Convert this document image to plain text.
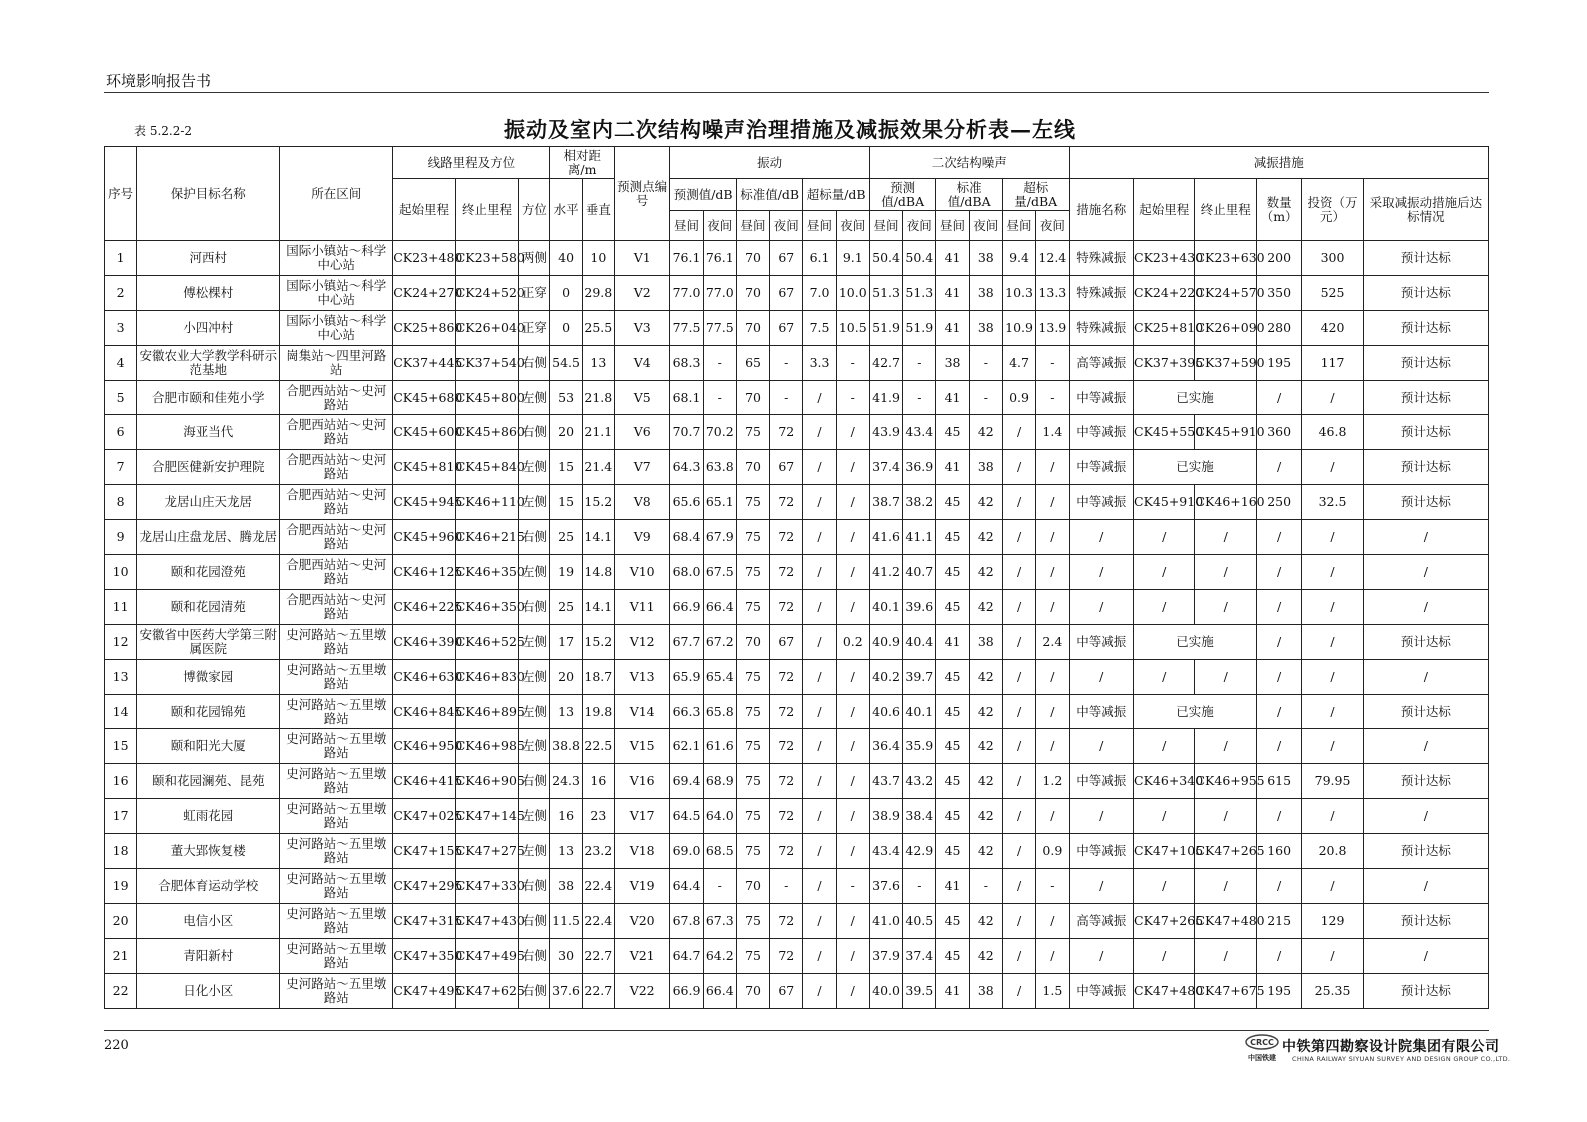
环境影响报告书
表 5.2.2-2	振动及室内二次结构噪声治理措施及减振效果分析表—左线
序号	保护目标名称	所在区间	线路里程及方位			相对距离/m		预测点编号	振动						二次结构噪声						减振措施					
			起始里程	终止里程	方位	水平	垂直		预测值/dB		标准值/dB		超标量/dB		预测值/dBA		标准值/dBA		超标量/dBA		措施名称	起始里程	终止里程	数量（m）	投资（万元）	采取减振动措施后达标情况
									昼间	夜间	昼间	夜间	昼间	夜间	昼间	夜间	昼间	夜间	昼间	夜间						
1	河西村	国际小镇站～科学中心站	CK23+480	CK23+580	两侧	40	10	V1	76.1	76.1	70	67	6.1	9.1	50.4	50.4	41	38	9.4	12.4	特殊减振	CK23+430	CK23+630	200	300	预计达标
2	傅松棵村	国际小镇站～科学中心站	CK24+270	CK24+520	正穿	0	29.8	V2	77.0	77.0	70	67	7.0	10.0	51.3	51.3	41	38	10.3	13.3	特殊减振	CK24+220	CK24+570	350	525	预计达标
3	小四冲村	国际小镇站～科学中心站	CK25+860	CK26+040	正穿	0	25.5	V3	77.5	77.5	70	67	7.5	10.5	51.9	51.9	41	38	10.9	13.9	特殊减振	CK25+810	CK26+090	280	420	预计达标
4	安徽农业大学教学科研示范基地	崗集站～四里河路站	CK37+445	CK37+540	右侧	54.5	13	V4	68.3	-	65	-	3.3	-	42.7	-	38	-	4.7	-	高等减振	CK37+395	CK37+590	195	117	预计达标
5	合肥市颐和佳苑小学	合肥西站站～史河路站	CK45+680	CK45+800	左侧	53	21.8	V5	68.1	-	70	-	/	-	41.9	-	41	-	0.9	-	中等减振	已实施		/	/	预计达标
6	海亚当代	合肥西站站～史河路站	CK45+600	CK45+860	右侧	20	21.1	V6	70.7	70.2	75	72	/	/	43.9	43.4	45	42	/	1.4	中等减振	CK45+550	CK45+910	360	46.8	预计达标
7	合肥医健新安护理院	合肥西站站～史河路站	CK45+810	CK45+840	左侧	15	21.4	V7	64.3	63.8	70	67	/	/	37.4	36.9	41	38	/	/	中等减振	已实施		/	/	预计达标
8	龙居山庄天龙居	合肥西站站～史河路站	CK45+945	CK46+110	左侧	15	15.2	V8	65.6	65.1	75	72	/	/	38.7	38.2	45	42	/	/	中等减振	CK45+910	CK46+160	250	32.5	预计达标
9	龙居山庄盘龙居、腾龙居	合肥西站站～史河路站	CK45+960	CK46+215	右侧	25	14.1	V9	68.4	67.9	75	72	/	/	41.6	41.1	45	42	/	/	/	/	/	/	/	/
10	颐和花园澄苑	合肥西站站～史河路站	CK46+125	CK46+350	左侧	19	14.8	V10	68.0	67.5	75	72	/	/	41.2	40.7	45	42	/	/	/	/	/	/	/	/
11	颐和花园清苑	合肥西站站～史河路站	CK46+225	CK46+350	右侧	25	14.1	V11	66.9	66.4	75	72	/	/	40.1	39.6	45	42	/	/	/	/	/	/	/	/
12	安徽省中医药大学第三附属医院	史河路站～五里墩路站	CK46+390	CK46+525	左侧	17	15.2	V12	67.7	67.2	70	67	/	0.2	40.9	40.4	41	38	/	2.4	中等减振	已实施		/	/	预计达标
13	博微家园	史河路站～五里墩路站	CK46+630	CK46+830	左侧	20	18.7	V13	65.9	65.4	75	72	/	/	40.2	39.7	45	42	/	/	/	/	/	/	/	/
14	颐和花园锦苑	史河路站～五里墩路站	CK46+845	CK46+895	左侧	13	19.8	V14	66.3	65.8	75	72	/	/	40.6	40.1	45	42	/	/	中等减振	已实施		/	/	预计达标
15	颐和阳光大厦	史河路站～五里墩路站	CK46+950	CK46+985	左侧	38.8	22.5	V15	62.1	61.6	75	72	/	/	36.4	35.9	45	42	/	/	/	/	/	/	/	/
16	颐和花园澜苑、昆苑	史河路站～五里墩路站	CK46+415	CK46+905	右侧	24.3	16	V16	69.4	68.9	75	72	/	/	43.7	43.2	45	42	/	1.2	中等减振	CK46+340	CK46+955	615	79.95	预计达标
17	虹雨花园	史河路站～五里墩路站	CK47+025	CK47+145	左侧	16	23	V17	64.5	64.0	75	72	/	/	38.9	38.4	45	42	/	/	/	/	/	/	/	/
18	董大郢恢复楼	史河路站～五里墩路站	CK47+155	CK47+275	左侧	13	23.2	V18	69.0	68.5	75	72	/	/	43.4	42.9	45	42	/	0.9	中等减振	CK47+105	CK47+265	160	20.8	预计达标
19	合肥体育运动学校	史河路站～五里墩路站	CK47+295	CK47+330	右侧	38	22.4	V19	64.4	-	70	-	/	-	37.6	-	41	-	/	-	/	/	/	/	/	/
20	电信小区	史河路站～五里墩路站	CK47+315	CK47+430	右侧	11.5	22.4	V20	67.8	67.3	75	72	/	/	41.0	40.5	45	42	/	/	高等减振	CK47+265	CK47+480	215	129	预计达标
21	青阳新村	史河路站～五里墩路站	CK47+350	CK47+495	右侧	30	22.7	V21	64.7	64.2	75	72	/	/	37.9	37.4	45	42	/	/	/	/	/	/	/	/
22	日化小区	史河路站～五里墩路站	CK47+495	CK47+625	右侧	37.6	22.7	V22	66.9	66.4	70	67	/	/	40.0	39.5	41	38	/	1.5	中等减振	CK47+480	CK47+675	195	25.35	预计达标
220	CRCC
中国铁建
中铁第四勘察设计院集团有限公司
CHINA RAILWAY SIYUAN SURVEY AND DESIGN GROUP CO.,LTD.
